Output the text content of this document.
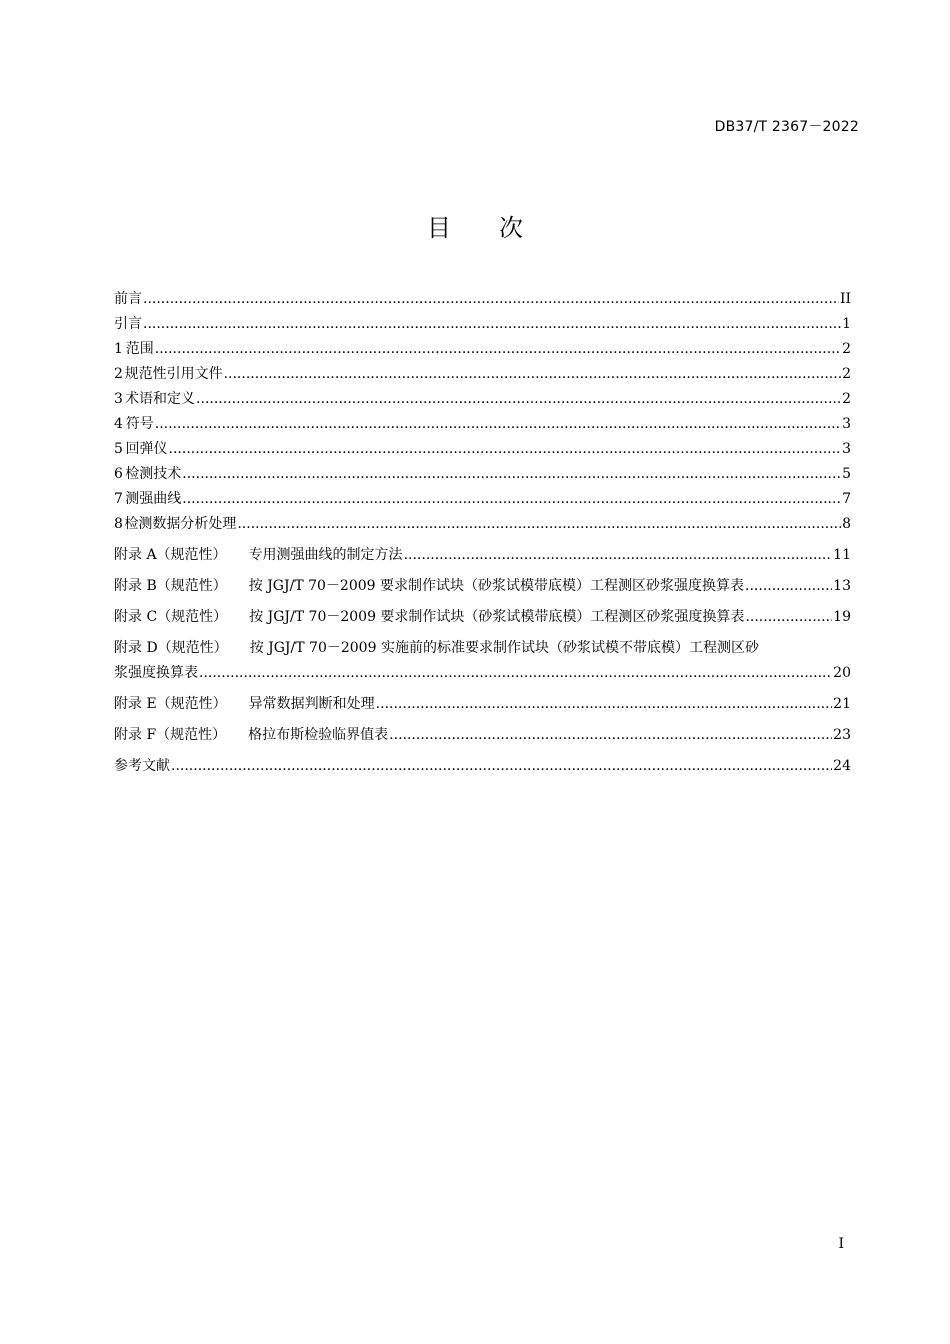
DB37/T 2367－2022
目次
前言 .....	II
引言 .....	1
1 范围 .....	2
2 规范性引用文件 .....	2
3 术语和定义 .....	2
4 符号 .....	3
5 回弹仪 .....	3
6 检测技术 .....	5
7 测强曲线 .....	7
8 检测数据分析处理 .....	8
附录 A（规范性） 专用测强曲线的制定方法 .....	11
附录 B（规范性） 按 JGJ/T 70－2009 要求制作试块（砂浆试模带底模）工程测区砂浆强度换算表 .....	13
附录 C（规范性） 按 JGJ/T 70－2009 要求制作试块（砂浆试模带底模）工程测区砂浆强度换算表 .....	19
附录 D（规范性） 按 JGJ/T 70－2009 实施前的标准要求制作试块（砂浆试模不带底模）工程测区砂
浆强度换算表 .....	20
附录 E（规范性） 异常数据判断和处理 .....	21
附录 F（规范性） 格拉布斯检验临界值表 .....	23
参考文献 .....	24
I
